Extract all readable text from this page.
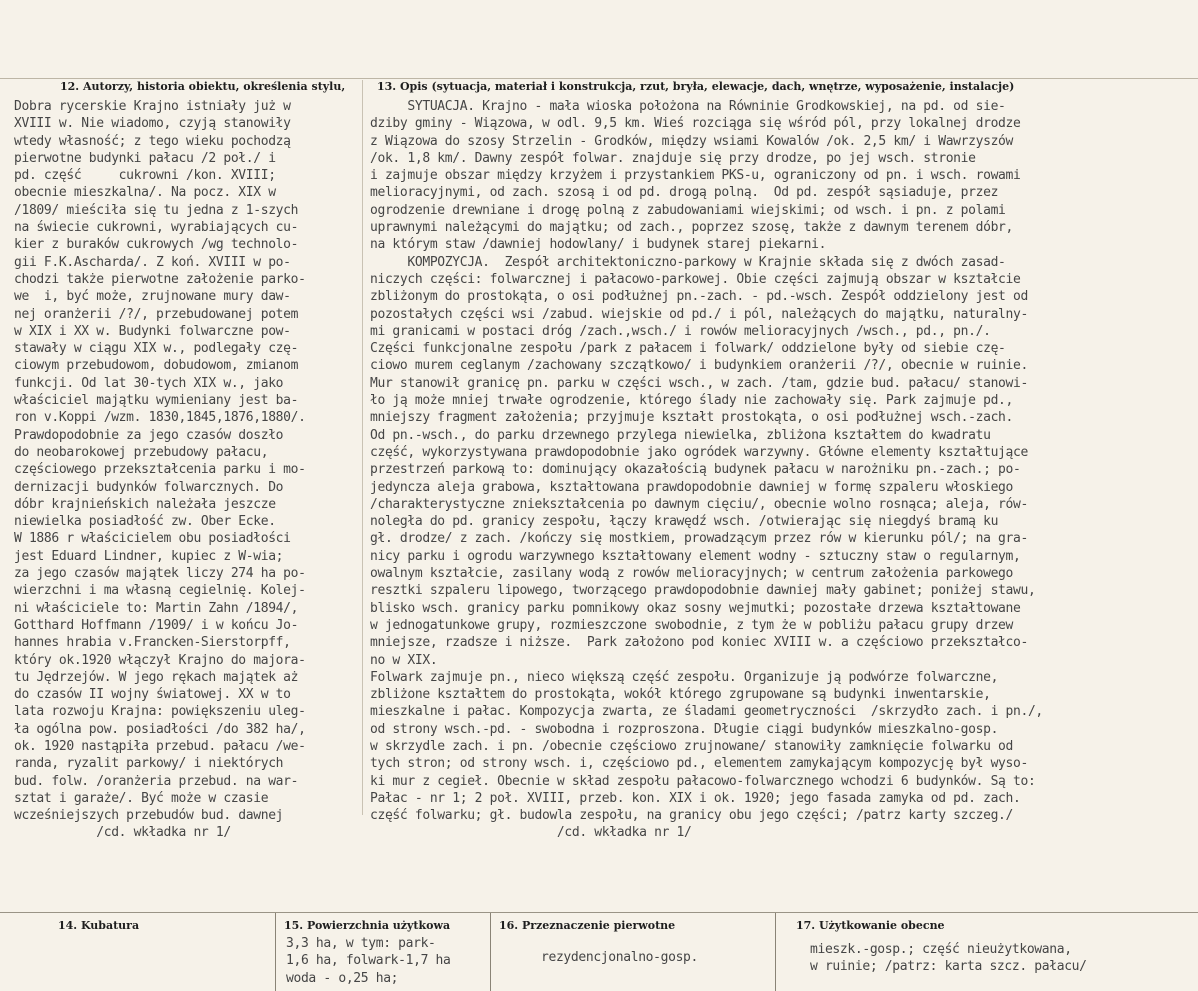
12. Autorzy, historia obiektu, określenia stylu,	13. Opis (sytuacja, materiał i konstrukcja, rzut, bryła, elewacje, dach, wnętrze, wyposażenie, instalacje)
Dobra rycerskie Krajno istniały już w
XVIII w. Nie wiadomo, czyją stanowiły
wtedy własność; z tego wieku pochodzą
pierwotne budynki pałacu /2 poł./ i
pd. część     cukrowni /kon. XVIII;
obecnie mieszkalna/. Na pocz. XIX w
/1809/ mieściła się tu jedna z 1-szych
na świecie cukrowni, wyrabiających cu-
kier z buraków cukrowych /wg technolo-
gii F.K.Ascharda/. Z koń. XVIII w po-
chodzi także pierwotne założenie parko-
we  i, być może, zrujnowane mury daw-
nej oranżerii /?/, przebudowanej potem
w XIX i XX w. Budynki folwarczne pow-
stawały w ciągu XIX w., podlegały czę-
ciowym przebudowom, dobudowom, zmianom
funkcji. Od lat 30-tych XIX w., jako
właściciel majątku wymieniany jest ba-
ron v.Koppi /wzm. 1830,1845,1876,1880/.
Prawdopodobnie za jego czasów doszło
do neobarokowej przebudowy pałacu,
częściowego przekształcenia parku i mo-
dernizacji budynków folwarcznych. Do
dóbr krajnieńskich należała jeszcze
niewielka posiadłość zw. Ober Ecke.
W 1886 r właścicielem obu posiadłości
jest Eduard Lindner, kupiec z W-wia;
za jego czasów majątek liczy 274 ha po-
wierzchni i ma własną cegielnię. Kolej-
ni właściciele to: Martin Zahn /1894/,
Gotthard Hoffmann /1909/ i w końcu Jo-
hannes hrabia v.Francken-Sierstorpff,
który ok.1920 włączył Krajno do majora-
tu Jędrzejów. W jego rękach majątek aż
do czasów II wojny światowej. XX w to
lata rozwoju Krajna: powiększeniu uleg-
ła ogólna pow. posiadłości /do 382 ha/,
ok. 1920 nastąpiła przebud. pałacu /we-
randa, ryzalit parkowy/ i niektórych
bud. folw. /oranżeria przebud. na war-
sztat i garaże/. Być może w czasie
wcześniejszych przebudów bud. dawnej
/cd. wkładka nr 1/
SYTUACJA. Krajno - mała wioska położona na Równinie Grodkowskiej, na pd. od sie-
dziby gminy - Wiązowa, w odl. 9,5 km. Wieś rozciąga się wśród pól, przy lokalnej drodze
z Wiązowa do szosy Strzelin - Grodków, między wsiami Kowalów /ok. 2,5 km/ i Wawrzyszów
/ok. 1,8 km/. Dawny zespół folwar. znajduje się przy drodze, po jej wsch. stronie
i zajmuje obszar między krzyżem i przystankiem PKS-u, ograniczony od pn. i wsch. rowami
melioracyjnymi, od zach. szosą i od pd. drogą polną.  Od pd. zespół sąsiaduje, przez
ogrodzenie drewniane i drogę polną z zabudowaniami wiejskimi; od wsch. i pn. z polami
uprawnymi należącymi do majątku; od zach., poprzez szosę, także z dawnym terenem dóbr,
na którym staw /dawniej hodowlany/ i budynek starej piekarni.
KOMPOZYCJA.  Zespół architektoniczno-parkowy w Krajnie składa się z dwóch zasad-
niczych części: folwarcznej i pałacowo-parkowej. Obie części zajmują obszar w kształcie
zbliżonym do prostokąta, o osi podłużnej pn.-zach. - pd.-wsch. Zespół oddzielony jest od
pozostałych części wsi /zabud. wiejskie od pd./ i pól, należących do majątku, naturalny-
mi granicami w postaci dróg /zach.,wsch./ i rowów melioracyjnych /wsch., pd., pn./.
Części funkcjonalne zespołu /park z pałacem i folwark/ oddzielone były od siebie czę-
ciowo murem ceglanym /zachowany szczątkowo/ i budynkiem oranżerii /?/, obecnie w ruinie.
Mur stanowił granicę pn. parku w części wsch., w zach. /tam, gdzie bud. pałacu/ stanowi-
ło ją może mniej trwałe ogrodzenie, którego ślady nie zachowały się. Park zajmuje pd.,
mniejszy fragment założenia; przyjmuje kształt prostokąta, o osi podłużnej wsch.-zach.
Od pn.-wsch., do parku drzewnego przylega niewielka, zbliżona kształtem do kwadratu
część, wykorzystywana prawdopodobnie jako ogródek warzywny. Główne elementy kształtujące
przestrzeń parkową to: dominujący okazałością budynek pałacu w narożniku pn.-zach.; po-
jedyncza aleja grabowa, kształtowana prawdopodobnie dawniej w formę szpaleru włoskiego
/charakterystyczne zniekształcenia po dawnym cięciu/, obecnie wolno rosnąca; aleja, rów-
noległa do pd. granicy zespołu, łączy krawędź wsch. /otwierając się niegdyś bramą ku
gł. drodze/ z zach. /kończy się mostkiem, prowadzącym przez rów w kierunku pól/; na gra-
nicy parku i ogrodu warzywnego kształtowany element wodny - sztuczny staw o regularnym,
owalnym kształcie, zasilany wodą z rowów melioracyjnych; w centrum założenia parkowego
resztki szpaleru lipowego, tworzącego prawdopodobnie dawniej mały gabinet; poniżej stawu,
blisko wsch. granicy parku pomnikowy okaz sosny wejmutki; pozostałe drzewa kształtowane
w jednogatunkowe grupy, rozmieszczone swobodnie, z tym że w pobliżu pałacu grupy drzew
mniejsze, rzadsze i niższe.  Park założono pod koniec XVIII w. a częściowo przekształco-
no w XIX.
Folwark zajmuje pn., nieco większą część zespołu. Organizuje ją podwórze folwarczne,
zbliżone kształtem do prostokąta, wokół którego zgrupowane są budynki inwentarskie,
mieszkalne i pałac. Kompozycja zwarta, ze śladami geometryczności  /skrzydło zach. i pn./,
od strony wsch.-pd. - swobodna i rozproszona. Długie ciągi budynków mieszkalno-gosp.
w skrzydle zach. i pn. /obecnie częściowo zrujnowane/ stanowiły zamknięcie folwarku od
tych stron; od strony wsch. i, częściowo pd., elementem zamykającym kompozycję był wyso-
ki mur z cegieł. Obecnie w skład zespołu pałacowo-folwarcznego wchodzi 6 budynków. Są to:
Pałac - nr 1; 2 poł. XVIII, przeb. kon. XIX i ok. 1920; jego fasada zamyka od pd. zach.
część folwarku; gł. budowla zespołu, na granicy obu jego części; /patrz karty szczeg./
/cd. wkładka nr 1/
14. Kubatura	15. Powierzchnia użytkowa
3,3 ha, w tym: park-
1,6 ha, folwark-1,7 ha
woda - o,25 ha;
16. Przeznaczenie pierwotne
rezydencjonalno-gosp.
17. Użytkowanie obecne
mieszk.-gosp.; część nieużytkowana,
w ruinie; /patrz: karta szcz. pałacu/
